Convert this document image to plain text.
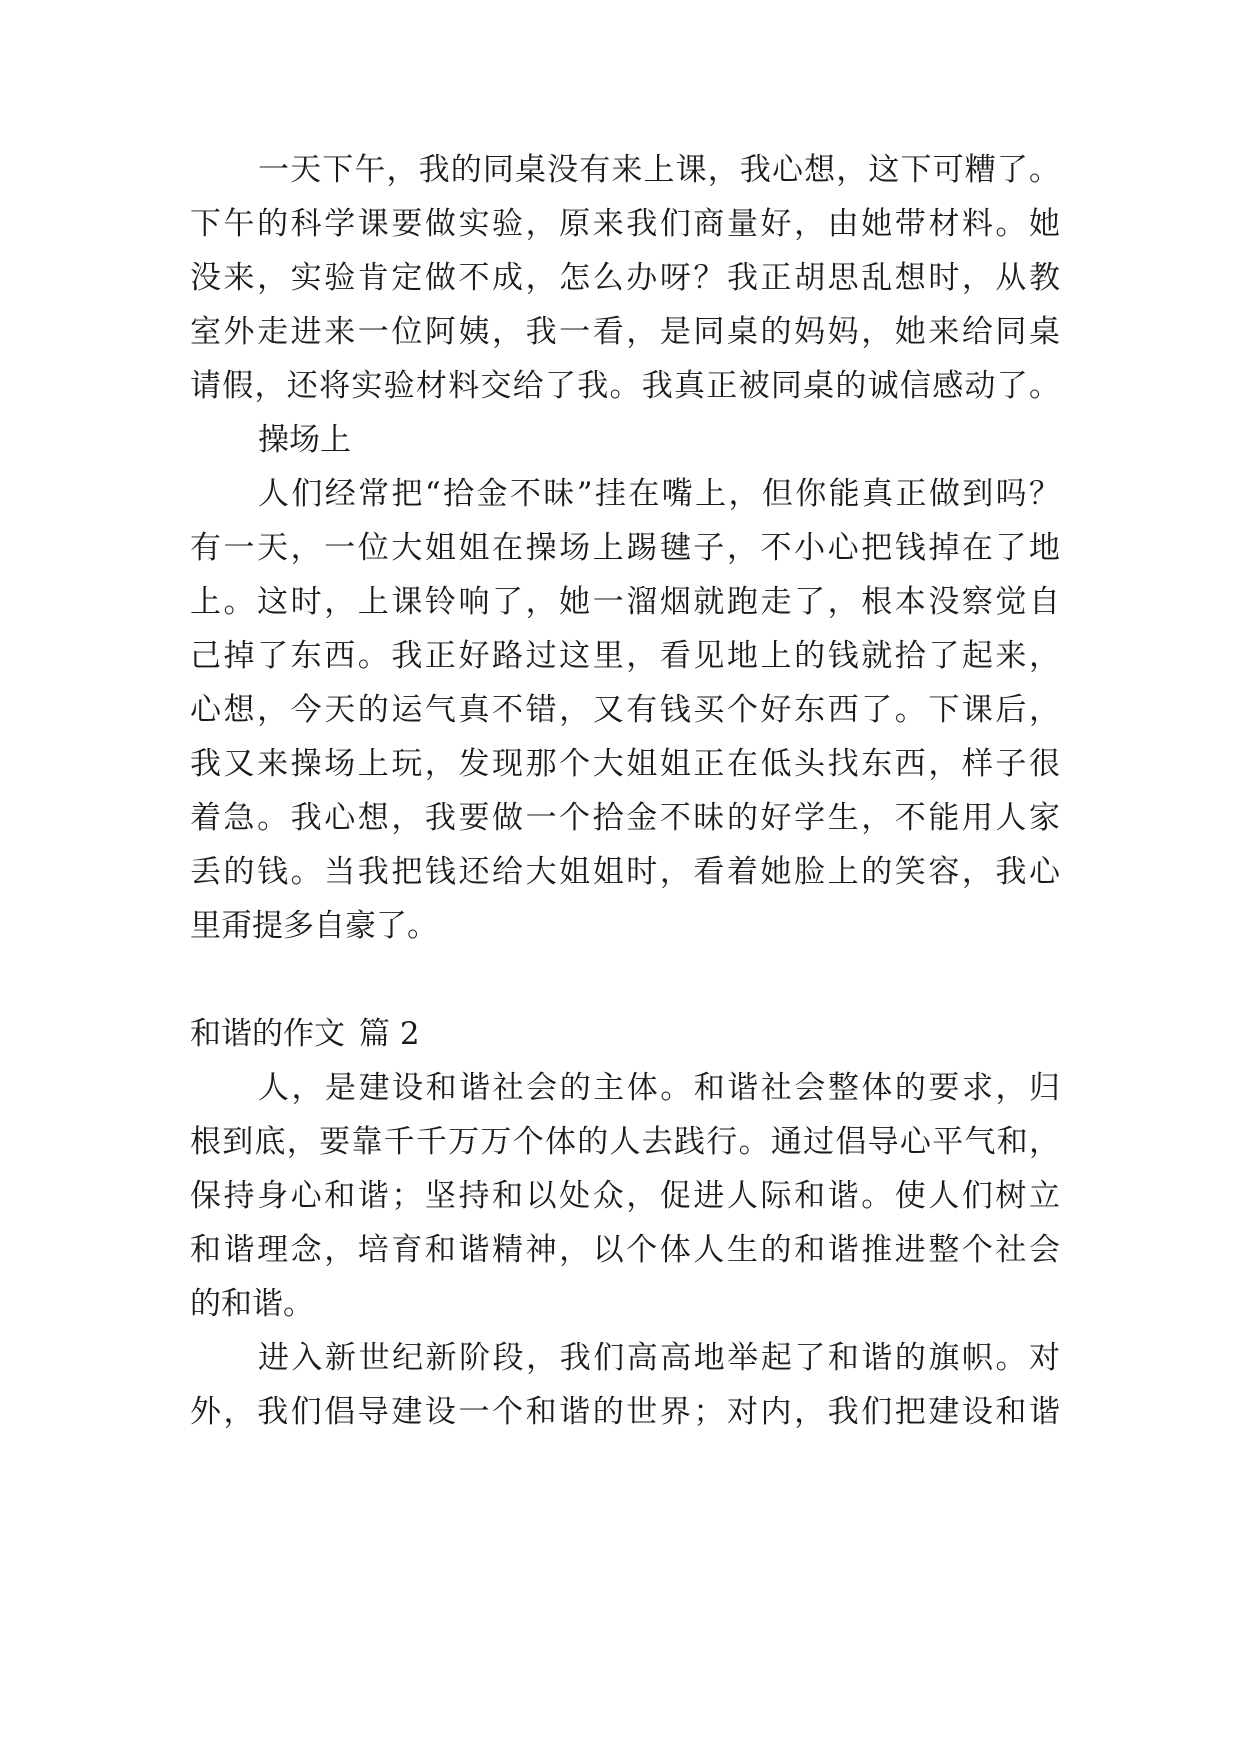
一天下午，我的同桌没有来上课，我心想，这下可糟了。
下午的科学课要做实验，原来我们商量好，由她带材料。她
没来，实验肯定做不成，怎么办呀？我正胡思乱想时，从教
室外走进来一位阿姨，我一看，是同桌的妈妈，她来给同桌
请假，还将实验材料交给了我。我真正被同桌的诚信感动了。
操场上
人们经常把“拾金不昧”挂在嘴上，但你能真正做到吗？
有一天，一位大姐姐在操场上踢毽子，不小心把钱掉在了地
上。这时，上课铃响了，她一溜烟就跑走了，根本没察觉自
己掉了东西。我正好路过这里，看见地上的钱就拾了起来，
心想，今天的运气真不错，又有钱买个好东西了。下课后，
我又来操场上玩，发现那个大姐姐正在低头找东西，样子很
着急。我心想，我要做一个拾金不昧的好学生，不能用人家
丢的钱。当我把钱还给大姐姐时，看着她脸上的笑容，我心
里甭提多自豪了。
和谐的作文 篇 2
人，是建设和谐社会的主体。和谐社会整体的要求，归
根到底，要靠千千万万个体的人去践行。通过倡导心平气和，
保持身心和谐；坚持和以处众，促进人际和谐。使人们树立
和谐理念，培育和谐精神，以个体人生的和谐推进整个社会
的和谐。
进入新世纪新阶段，我们高高地举起了和谐的旗帜。对
外，我们倡导建设一个和谐的世界；对内，我们把建设和谐
